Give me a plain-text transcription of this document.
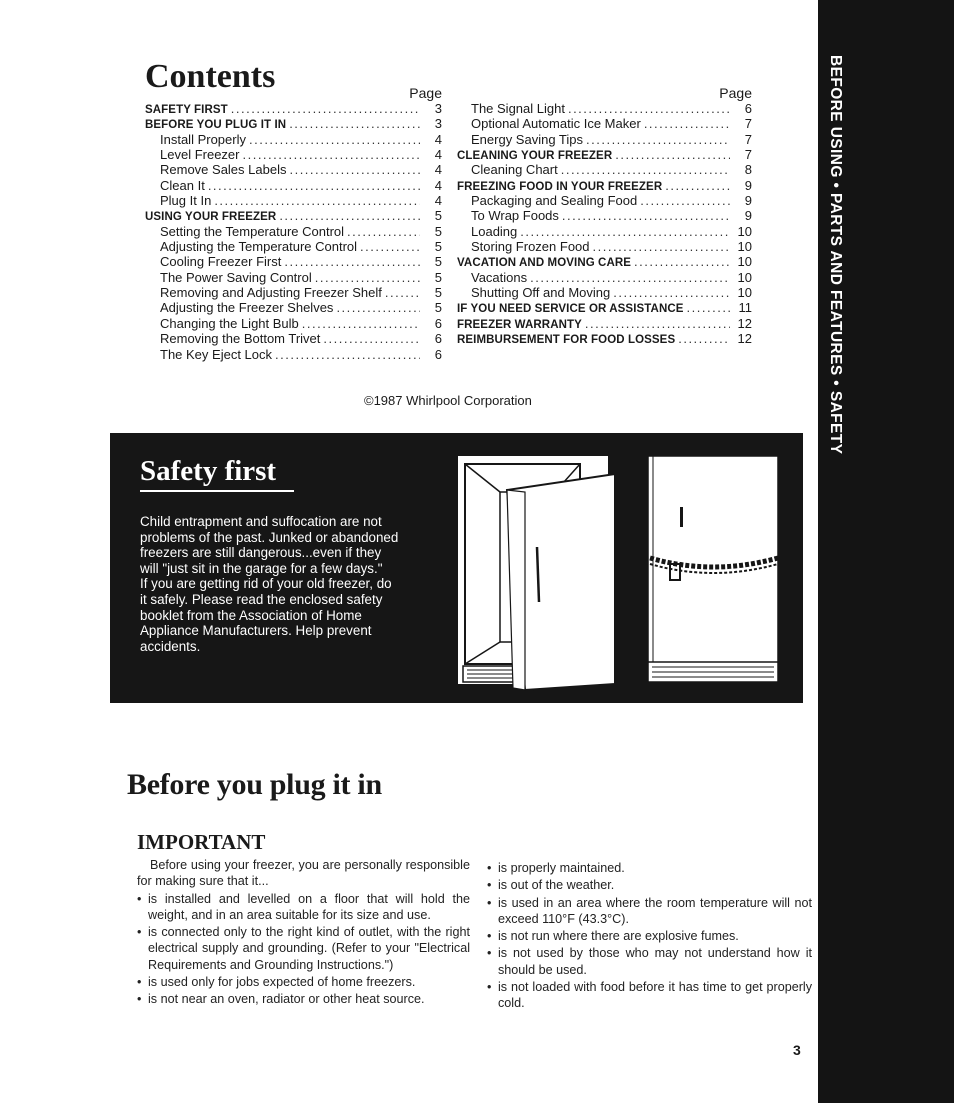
BEFORE USING • PARTS AND FEATURES • SAFETY
Contents	Page
SAFETY FIRST .....	3
BEFORE YOU PLUG IT IN .....	3
Install Properly .....	4
Level Freezer .....	4
Remove Sales Labels .....	4
Clean It .....	4
Plug It In .....	4
USING YOUR FREEZER .....	5
Setting the Temperature Control .....	5
Adjusting the Temperature Control .....	5
Cooling Freezer First .....	5
The Power Saving Control .....	5
Removing and Adjusting Freezer Shelf .....	5
Adjusting the Freezer Shelves .....	5
Changing the Light Bulb .....	6
Removing the Bottom Trivet .....	6
The Key Eject Lock .....	6
Page
The Signal Light .....	6
Optional Automatic Ice Maker .....	7
Energy Saving Tips .....	7
CLEANING YOUR FREEZER .....	7
Cleaning Chart .....	8
FREEZING FOOD IN YOUR FREEZER .....	9
Packaging and Sealing Food .....	9
To Wrap Foods .....	9
Loading .....	10
Storing Frozen Food .....	10
VACATION AND MOVING CARE .....	10
Vacations .....	10
Shutting Off and Moving .....	10
IF YOU NEED SERVICE OR ASSISTANCE .....	11
FREEZER WARRANTY .....	12
REIMBURSEMENT FOR FOOD LOSSES .....	12
©1987 Whirlpool Corporation
Safety first
Child entrapment and suffocation are not problems of the past. Junked or abandoned freezers are still dangerous...even if they will "just sit in the garage for a few days."
If you are getting rid of your old freezer, do it safely. Please read the enclosed safety booklet from the Association of Home Appliance Manufacturers. Help prevent accidents.
Before you plug it in
IMPORTANT

Before using your freezer, you are personally responsible for making sure that it...

• is installed and levelled on a floor that will hold the weight, and in an area suitable for its size and use.

• is connected only to the right kind of outlet, with the right electrical supply and grounding. (Refer to your "Electrical Requirements and Grounding Instructions.")

• is used only for jobs expected of home freezers.

• is not near an oven, radiator or other heat source.

• is properly maintained.

• is out of the weather.

• is used in an area where the room temperature will not exceed 110°F (43.3°C).

• is not run where there are explosive fumes.

• is not used by those who may not understand how it should be used.

• is not loaded with food before it has time to get properly cold.

3
